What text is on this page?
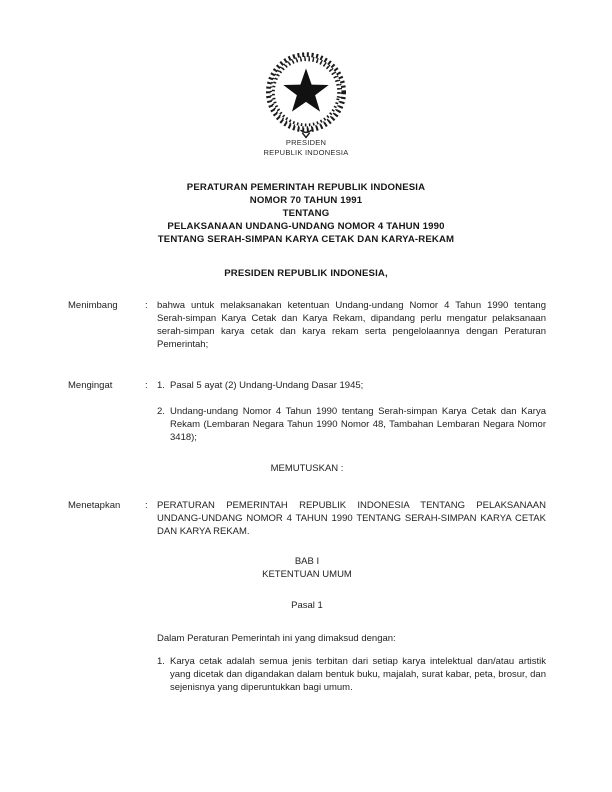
PRESIDEN
REPUBLIK INDONESIA
PERATURAN PEMERINTAH REPUBLIK INDONESIA
NOMOR 70 TAHUN 1991
TENTANG
PELAKSANAAN UNDANG-UNDANG NOMOR 4 TAHUN 1990
TENTANG SERAH-SIMPAN KARYA CETAK DAN KARYA-REKAM
PRESIDEN REPUBLIK INDONESIA,
Menimbang	: bahwa untuk melaksanakan ketentuan Undang-undang Nomor 4 Tahun 1990 tentang Serah-simpan Karya Cetak dan Karya Rekam, dipandang perlu mengatur pelaksanaan serah-simpan karya cetak dan karya rekam serta pengelolaannya dengan Peraturan Pemerintah;

Mengingat	: 1. Pasal 5 ayat (2) Undang-Undang Dasar 1945;

2. Undang-undang Nomor 4 Tahun 1990 tentang Serah-simpan Karya Cetak dan Karya Rekam (Lembaran Negara Tahun 1990 Nomor 48, Tambahan Lembaran Negara Nomor 3418);

MEMUTUSKAN :
Menetapkan	: PERATURAN PEMERINTAH REPUBLIK INDONESIA TENTANG PELAKSANAAN UNDANG-UNDANG NOMOR 4 TAHUN 1990 TENTANG SERAH-SIMPAN KARYA CETAK DAN KARYA REKAM.

BAB I
KETENTUAN UMUM
Pasal 1

Dalam Peraturan Pemerintah ini yang dimaksud dengan:

1. Karya cetak adalah semua jenis terbitan dari setiap karya intelektual dan/atau artistik yang dicetak dan digandakan dalam bentuk buku, majalah, surat kabar, peta, brosur, dan sejenisnya yang diperuntukkan bagi umum.
